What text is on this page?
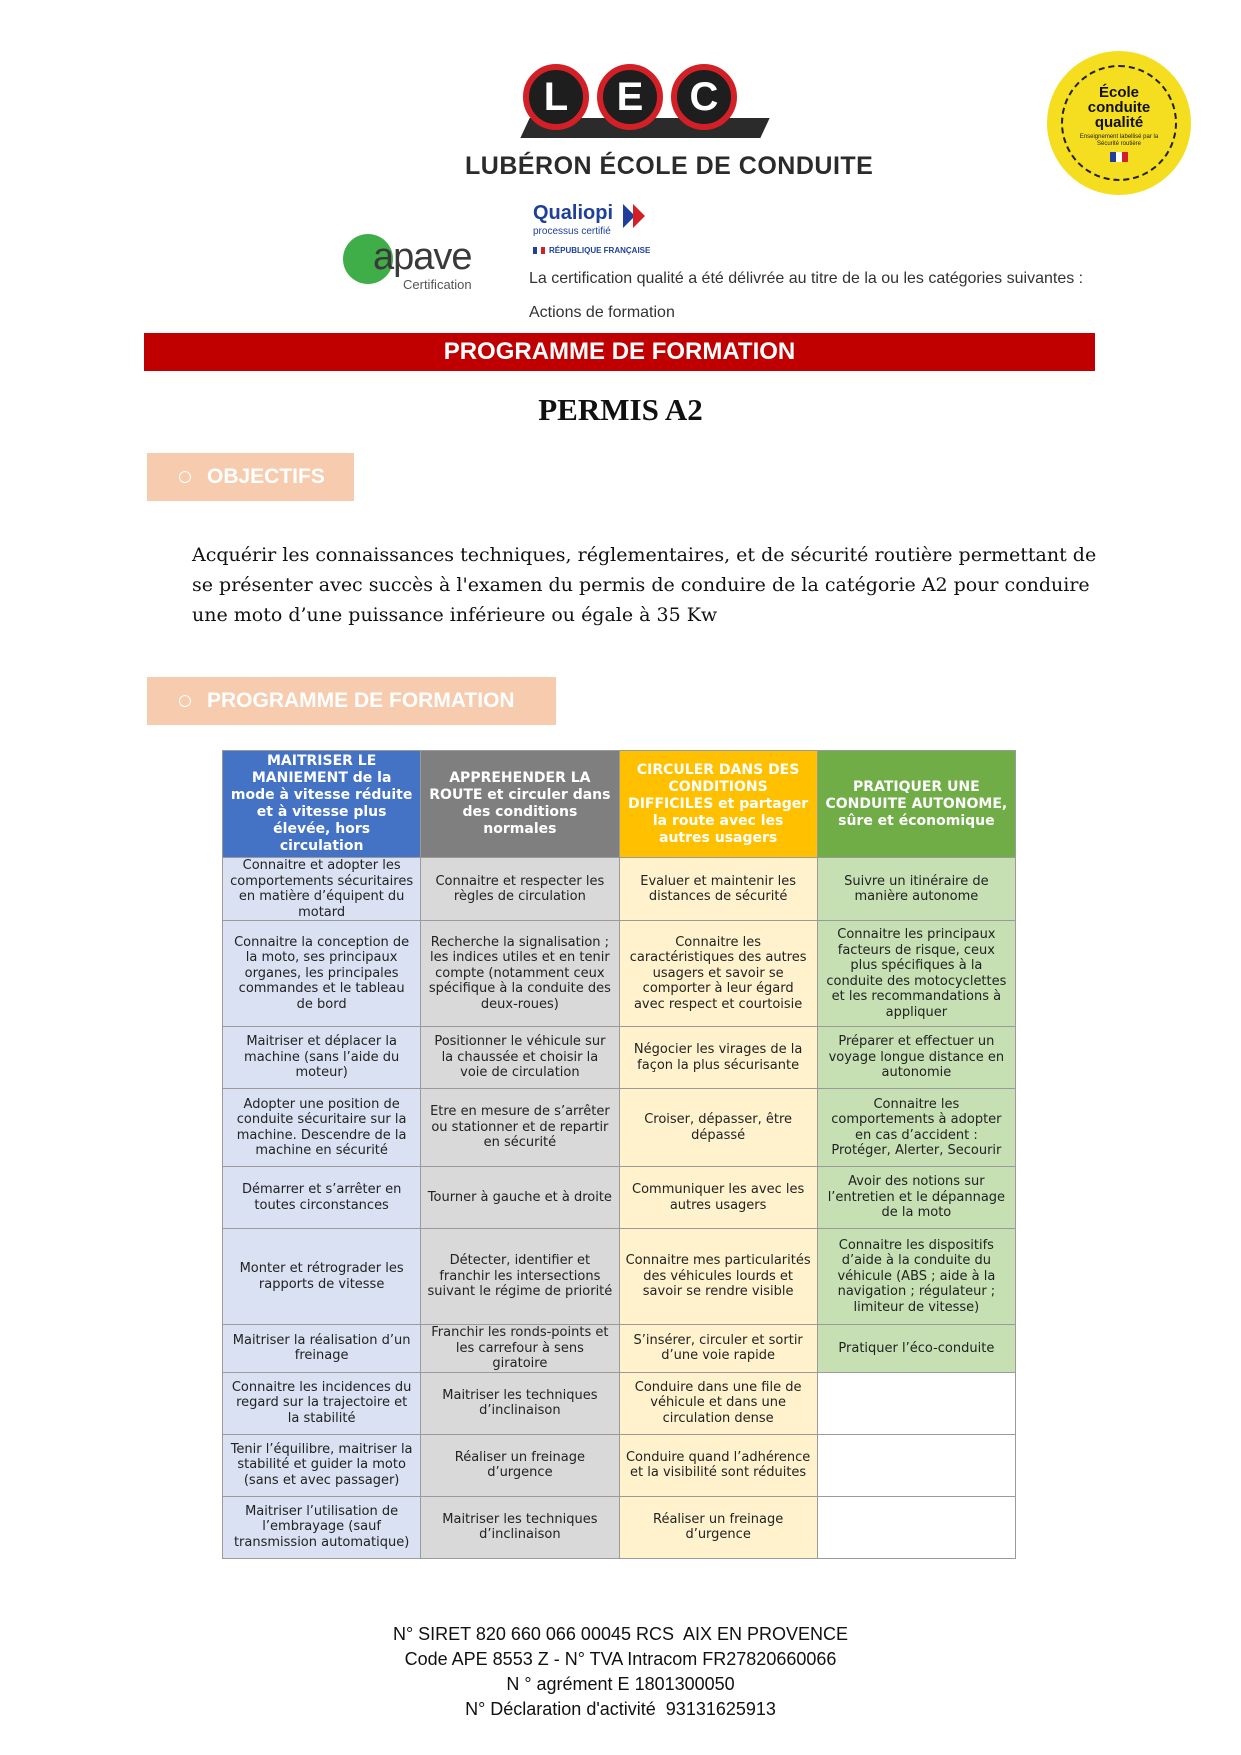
L	E	C
LUBÉRON ÉCOLE DE CONDUITE
École conduite qualité
Enseignement labellisé par la Sécurité routière
apave
Certification
Qualiopi
processus certifié
RÉPUBLIQUE FRANÇAISE
La certification qualité a été délivrée au titre de la ou les catégories suivantes :
Actions de formation
PROGRAMME DE FORMATION
PERMIS A2
OBJECTIFS
Acquérir les connaissances techniques, réglementaires, et de sécurité routière permettant de se présenter avec succès à l'examen du permis de conduire de la catégorie A2 pour conduire une moto d’une puissance inférieure ou égale à 35 Kw
PROGRAMME DE FORMATION
MAITRISER LE MANIEMENT de la mode à vitesse réduite et à vitesse plus élevée, hors circulation	APPREHENDER LA ROUTE et circuler dans des conditions normales	CIRCULER DANS DES CONDITIONS DIFFICILES et partager la route avec les autres usagers	PRATIQUER UNE CONDUITE AUTONOME, sûre et économique
Connaitre et adopter les comportements sécuritaires en matière d’équipent du motard	Connaitre et respecter les règles de circulation	Evaluer et maintenir les distances de sécurité	Suivre un itinéraire de manière autonome
Connaitre la conception de la moto, ses principaux organes, les principales commandes et le tableau de bord	Recherche la signalisation ; les indices utiles et en tenir compte (notamment ceux spécifique à la conduite des deux-roues)	Connaitre les caractéristiques des autres usagers et savoir se comporter à leur égard avec respect et courtoisie	Connaitre les principaux facteurs de risque, ceux plus spécifiques à la conduite des motocyclettes et les recommandations à appliquer
Maitriser et déplacer la machine (sans l’aide du moteur)	Positionner le véhicule sur la chaussée et choisir la voie de circulation	Négocier les virages de la façon la plus sécurisante	Préparer et effectuer un voyage longue distance en autonomie
Adopter une position de conduite sécuritaire sur la machine. Descendre de la machine en sécurité	Etre en mesure de s’arrêter ou stationner et de repartir en sécurité	Croiser, dépasser, être dépassé	Connaitre les comportements à adopter en cas d’accident : Protéger, Alerter, Secourir
Démarrer et s’arrêter en toutes circonstances	Tourner à gauche et à droite	Communiquer les avec les autres usagers	Avoir des notions sur l’entretien et le dépannage de la moto
Monter et rétrograder les rapports de vitesse	Détecter, identifier et franchir les intersections suivant le régime de priorité	Connaitre mes particularités des véhicules lourds et savoir se rendre visible	Connaitre les dispositifs d’aide à la conduite du véhicule (ABS ; aide à la navigation ; régulateur ; limiteur de vitesse)
Maitriser la réalisation d’un freinage	Franchir les ronds-points et les carrefour à sens giratoire	S’insérer, circuler et sortir d’une voie rapide	Pratiquer l’éco-conduite
Connaitre les incidences du regard sur la trajectoire et la stabilité	Maitriser les techniques d’inclinaison	Conduire dans une file de véhicule et dans une circulation dense	
Tenir l’équilibre, maitriser la stabilité et guider la moto (sans et avec passager)	Réaliser un freinage d’urgence	Conduire quand l’adhérence et la visibilité sont réduites	
Maitriser l’utilisation de l’embrayage (sauf transmission automatique)	Maitriser les techniques d’inclinaison	Réaliser un freinage d’urgence	
N° SIRET 820 660 066 00045 RCS  AIX EN PROVENCE
Code APE 8553 Z - N° TVA Intracom FR27820660066
N ° agrément E 1801300050
N° Déclaration d'activité  93131625913
